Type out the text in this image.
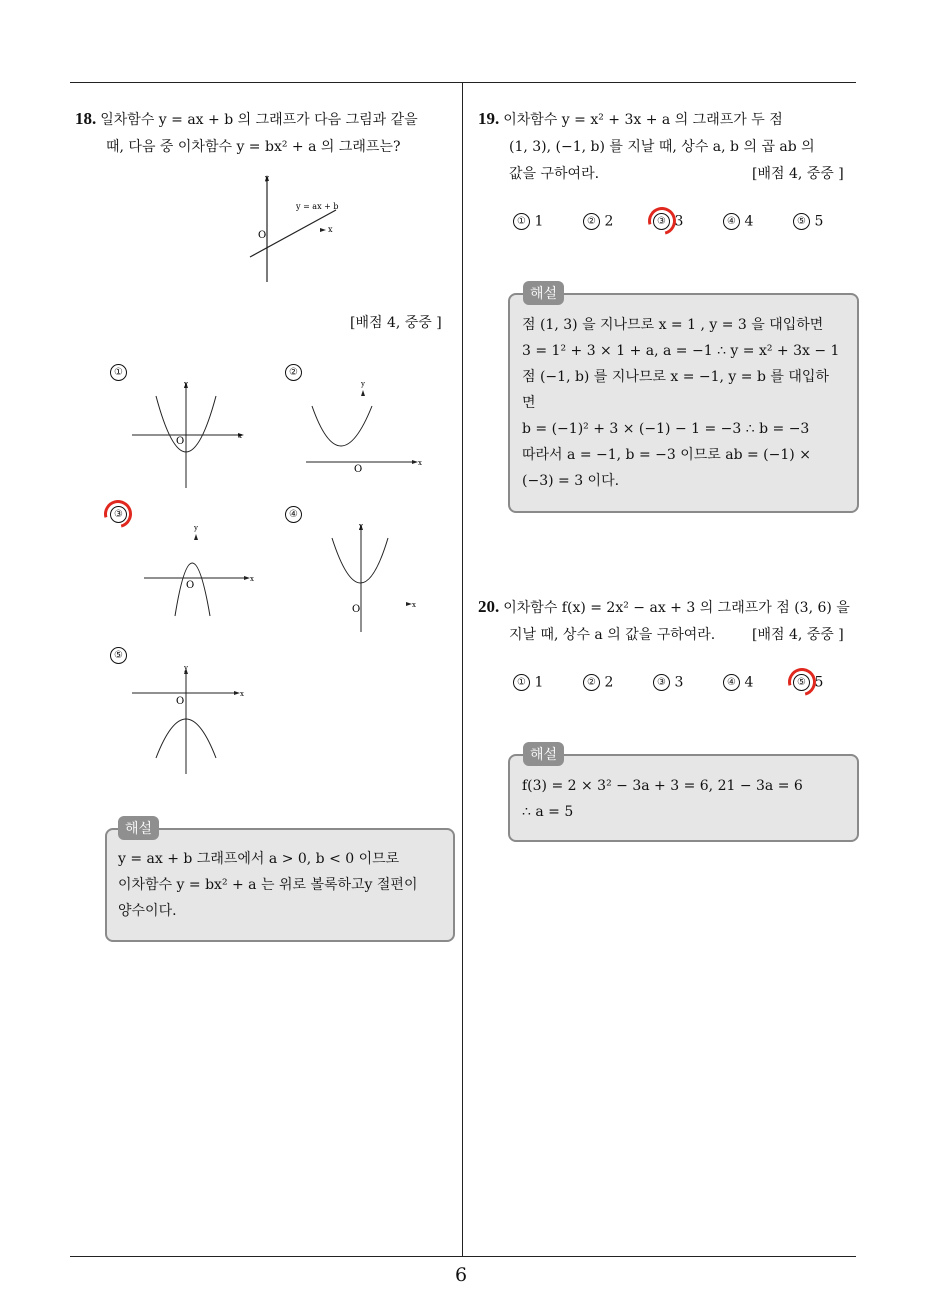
6
18. 일차함수 y = ax + b 의 그래프가 다음 그림과 같을
때, 다음 중 이차함수 y = bx² + a 의 그래프는?
y
O
y = ax + b
x
[배점 4, 중중 ]
①
O
y
x
②
O
y
x
③
O
y
x
④
O
y
x
⑤
O
y
x
해설
y = ax + b 그래프에서 a > 0, b < 0 이므로
이차함수 y = bx² + a 는 위로 볼록하고y 절편이
양수이다.
19. 이차함수 y = x² + 3x + a 의 그래프가 두 점
(1, 3), (−1, b) 를 지날 때, 상수 a, b 의 곱 ab 의
값을 구하여라.	[배점 4, 중중 ]
① 1	② 2	③ 3	④ 4	⑤ 5
해설
점 (1, 3) 을 지나므로 x = 1 , y = 3 을 대입하면
3 = 1² + 3 × 1 + a, a = −1 ∴ y = x² + 3x − 1
점 (−1, b) 를 지나므로 x = −1, y = b 를 대입하
면
b = (−1)² + 3 × (−1) − 1 = −3 ∴ b = −3
따라서 a = −1, b = −3 이므로 ab = (−1) ×
(−3) = 3 이다.
20. 이차함수 f(x) = 2x² − ax + 3 의 그래프가 점 (3, 6) 을
지날 때, 상수 a 의 값을 구하여라.	[배점 4, 중중 ]
① 1	② 2	③ 3	④ 4	⑤ 5
해설
f(3) = 2 × 3² − 3a + 3 = 6, 21 − 3a = 6
∴ a = 5
